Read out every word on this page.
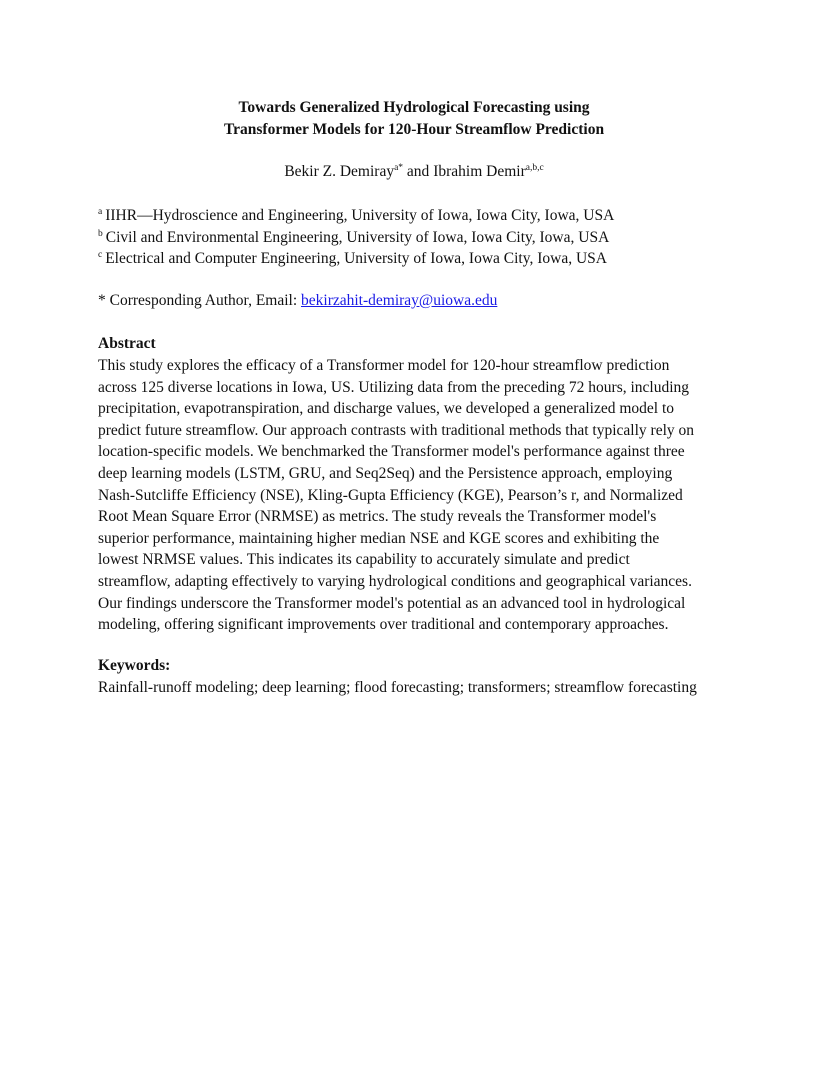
Towards Generalized Hydrological Forecasting using
Transformer Models for 120-Hour Streamflow Prediction
Bekir Z. Demiray$^{a*}$ and Ibrahim Demir$^{a,b,c}$
$^a$ IIHR—Hydroscience and Engineering, University of Iowa, Iowa City, Iowa, USA
$^b$ Civil and Environmental Engineering, University of Iowa, Iowa City, Iowa, USA
$^c$ Electrical and Computer Engineering, University of Iowa, Iowa City, Iowa, USA
* Corresponding Author, Email: bekirzahit-demiray@uiowa.edu
Abstract
This study explores the efficacy of a Transformer model for 120-hour streamflow prediction
across 125 diverse locations in Iowa, US. Utilizing data from the preceding 72 hours, including
precipitation, evapotranspiration, and discharge values, we developed a generalized model to
predict future streamflow. Our approach contrasts with traditional methods that typically rely on
location-specific models. We benchmarked the Transformer model's performance against three
deep learning models (LSTM, GRU, and Seq2Seq) and the Persistence approach, employing
Nash-Sutcliffe Efficiency (NSE), Kling-Gupta Efficiency (KGE), Pearson’s r, and Normalized
Root Mean Square Error (NRMSE) as metrics. The study reveals the Transformer model's
superior performance, maintaining higher median NSE and KGE scores and exhibiting the
lowest NRMSE values. This indicates its capability to accurately simulate and predict
streamflow, adapting effectively to varying hydrological conditions and geographical variances.
Our findings underscore the Transformer model's potential as an advanced tool in hydrological
modeling, offering significant improvements over traditional and contemporary approaches.
Keywords:
Rainfall-runoff modeling; deep learning; flood forecasting; transformers; streamflow forecasting
